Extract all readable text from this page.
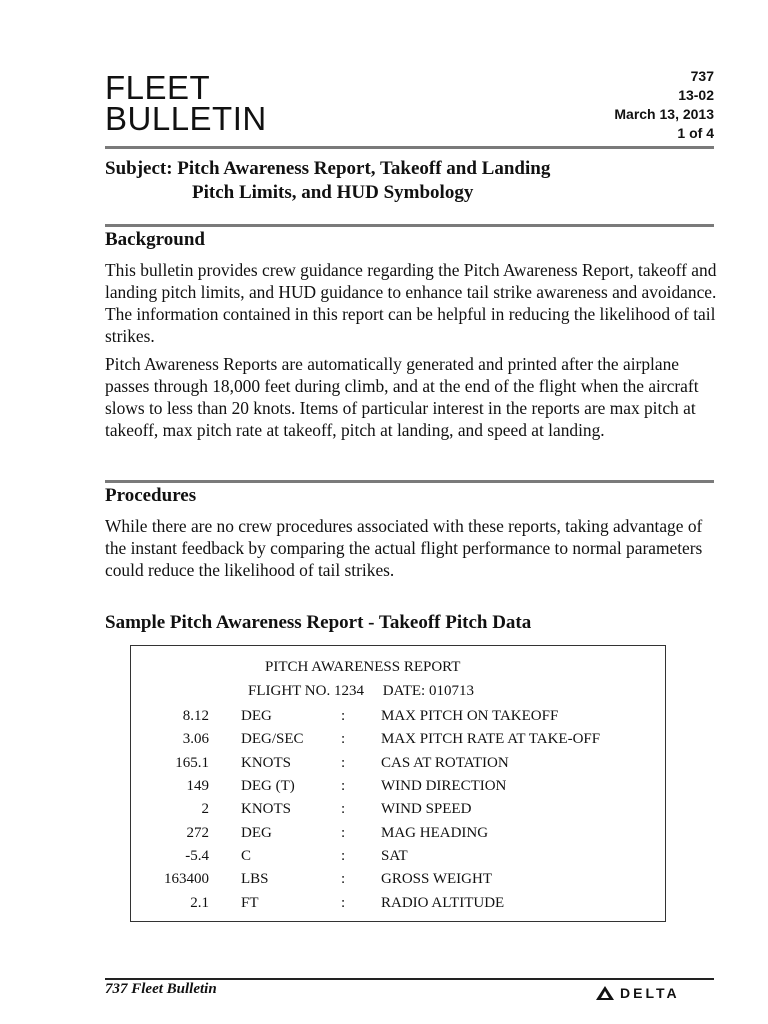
FLEET
BULLETIN
737
13-02
March 13, 2013
1 of 4
Subject: Pitch Awareness Report, Takeoff and Landing
Pitch Limits, and HUD Symbology
Background
This bulletin provides crew guidance regarding the Pitch Awareness Report, takeoff and landing pitch limits, and HUD guidance to enhance tail strike awareness and avoidance. The information contained in this report can be helpful in reducing the likelihood of tail strikes.
Pitch Awareness Reports are automatically generated and printed after the airplane passes through 18,000 feet during climb, and at the end of the flight when the aircraft slows to less than 20 knots. Items of particular interest in the reports are max pitch at takeoff, max pitch rate at takeoff, pitch at landing, and speed at landing.
Procedures
While there are no crew procedures associated with these reports, taking advantage of the instant feedback by comparing the actual flight performance to normal parameters could reduce the likelihood of tail strikes.
Sample Pitch Awareness Report - Takeoff Pitch Data
PITCH AWARENESS REPORT
FLIGHT NO. 1234     DATE: 010713
8.12	DEG	:	MAX PITCH ON TAKEOFF
3.06	DEG/SEC	:	MAX PITCH RATE AT TAKE-OFF
165.1	KNOTS	:	CAS AT ROTATION
149	DEG (T)	:	WIND DIRECTION
2	KNOTS	:	WIND SPEED
272	DEG	:	MAG HEADING
-5.4	C	:	SAT
163400	LBS	:	GROSS WEIGHT
2.1	FT	:	RADIO ALTITUDE
737 Fleet Bulletin	DELTA
